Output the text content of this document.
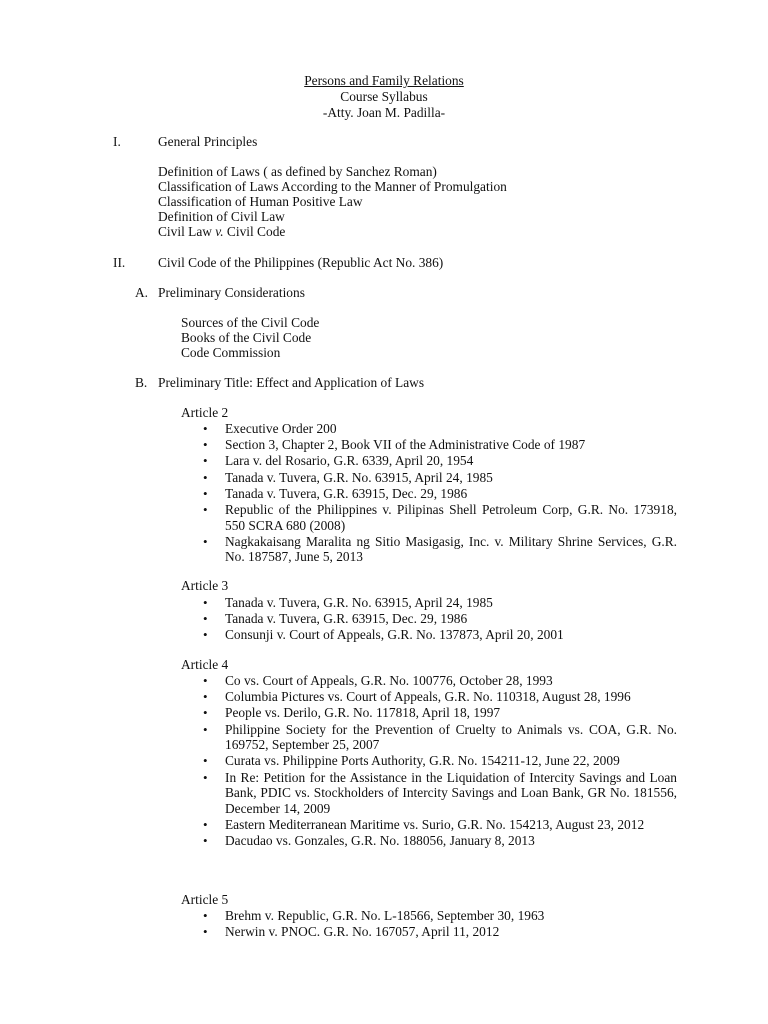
Persons and Family Relations
Course Syllabus
-Atty. Joan M. Padilla-
I.	General Principles
Definition of Laws ( as defined by Sanchez Roman)
Classification of Laws According to the Manner of Promulgation
Classification of Human Positive Law
Definition of Civil Law
Civil Law v. Civil Code
II. Civil Code of the Philippines (Republic Act No. 386)
A. Preliminary Considerations
Sources of the Civil Code
Books of the Civil Code
Code Commission
B. Preliminary Title: Effect and Application of Laws
Article 2
• Executive Order 200
• Section 3, Chapter 2, Book VII of the Administrative Code of 1987
• Lara v. del Rosario, G.R. 6339, April 20, 1954
• Tanada v. Tuvera, G.R. No. 63915, April 24, 1985
• Tanada v. Tuvera, G.R. 63915, Dec. 29, 1986
• Republic of the Philippines v. Pilipinas Shell Petroleum Corp, G.R. No. 173918, 550 SCRA 680 (2008)
• Nagkakaisang Maralita ng Sitio Masigasig, Inc. v. Military Shrine Services, G.R. No. 187587, June 5, 2013
Article 3
• Tanada v. Tuvera, G.R. No. 63915, April 24, 1985
• Tanada v. Tuvera, G.R. 63915, Dec. 29, 1986
• Consunji v. Court of Appeals, G.R. No. 137873, April 20, 2001
Article 4
• Co vs. Court of Appeals, G.R. No. 100776, October 28, 1993
• Columbia Pictures vs. Court of Appeals, G.R. No. 110318, August 28, 1996
• People vs. Derilo, G.R. No. 117818, April 18, 1997
• Philippine Society for the Prevention of Cruelty to Animals vs. COA, G.R. No. 169752, September 25, 2007
• Curata vs. Philippine Ports Authority, G.R. No. 154211-12, June 22, 2009
• In Re: Petition for the Assistance in the Liquidation of Intercity Savings and Loan Bank, PDIC vs. Stockholders of Intercity Savings and Loan Bank, GR No. 181556, December 14, 2009
• Eastern Mediterranean Maritime vs. Surio, G.R. No. 154213, August 23, 2012
• Dacudao vs. Gonzales, G.R. No. 188056, January 8, 2013
Article 5
• Brehm v. Republic, G.R. No. L-18566, September 30, 1963
• Nerwin v. PNOC. G.R. No. 167057, April 11, 2012
